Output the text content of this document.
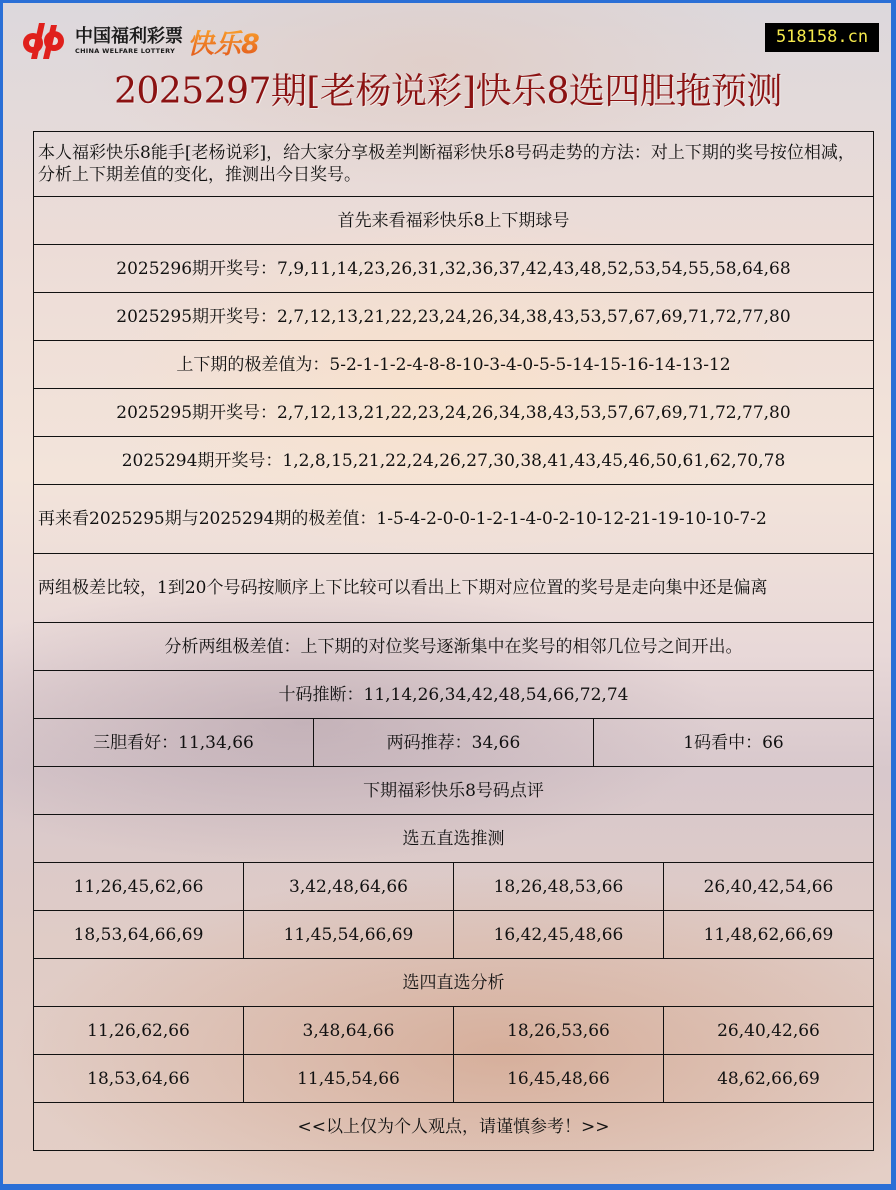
中国福利彩票
CHINA WELFARE LOTTERY 快乐8	518158.cn
2025297期[老杨说彩]快乐8选四胆拖预测
本人福彩快乐8能手[老杨说彩]，给大家分享极差判断福彩快乐8号码走势的方法：对上下期的奖号按位相减，分析上下期差值的变化，推测出今日奖号。					
首先来看福彩快乐8上下期球号					
2025296期开奖号：7,9,11,14,23,26,31,32,36,37,42,43,48,52,53,54,55,58,64,68					
2025295期开奖号：2,7,12,13,21,22,23,24,26,34,38,43,53,57,67,69,71,72,77,80					
上下期的极差值为：5-2-1-1-2-4-8-8-10-3-4-0-5-5-14-15-16-14-13-12					
2025295期开奖号：2,7,12,13,21,22,23,24,26,34,38,43,53,57,67,69,71,72,77,80					
2025294期开奖号：1,2,8,15,21,22,24,26,27,30,38,41,43,45,46,50,61,62,70,78					
再来看2025295期与2025294期的极差值：1-5-4-2-0-0-1-2-1-4-0-2-10-12-21-19-10-10-7-2					
两组极差比较，1到20个号码按顺序上下比较可以看出上下期对应位置的奖号是走向集中还是偏离					
分析两组极差值：上下期的对位奖号逐渐集中在奖号的相邻几位号之间开出。					
十码推断：11,14,26,34,42,48,54,66,72,74					
三胆看好：11,34,66		两码推荐：34,66		1码看中：66	
下期福彩快乐8号码点评					
选五直选推测					
11,26,45,62,66	3,42,48,64,66		18,26,48,53,66		26,40,42,54,66
18,53,64,66,69	11,45,54,66,69		16,42,45,48,66		11,48,62,66,69
选四直选分析					
11,26,62,66	3,48,64,66		18,26,53,66		26,40,42,66
18,53,64,66	11,45,54,66		16,45,48,66		48,62,66,69
<<以上仅为个人观点，请谨慎参考！>>					
